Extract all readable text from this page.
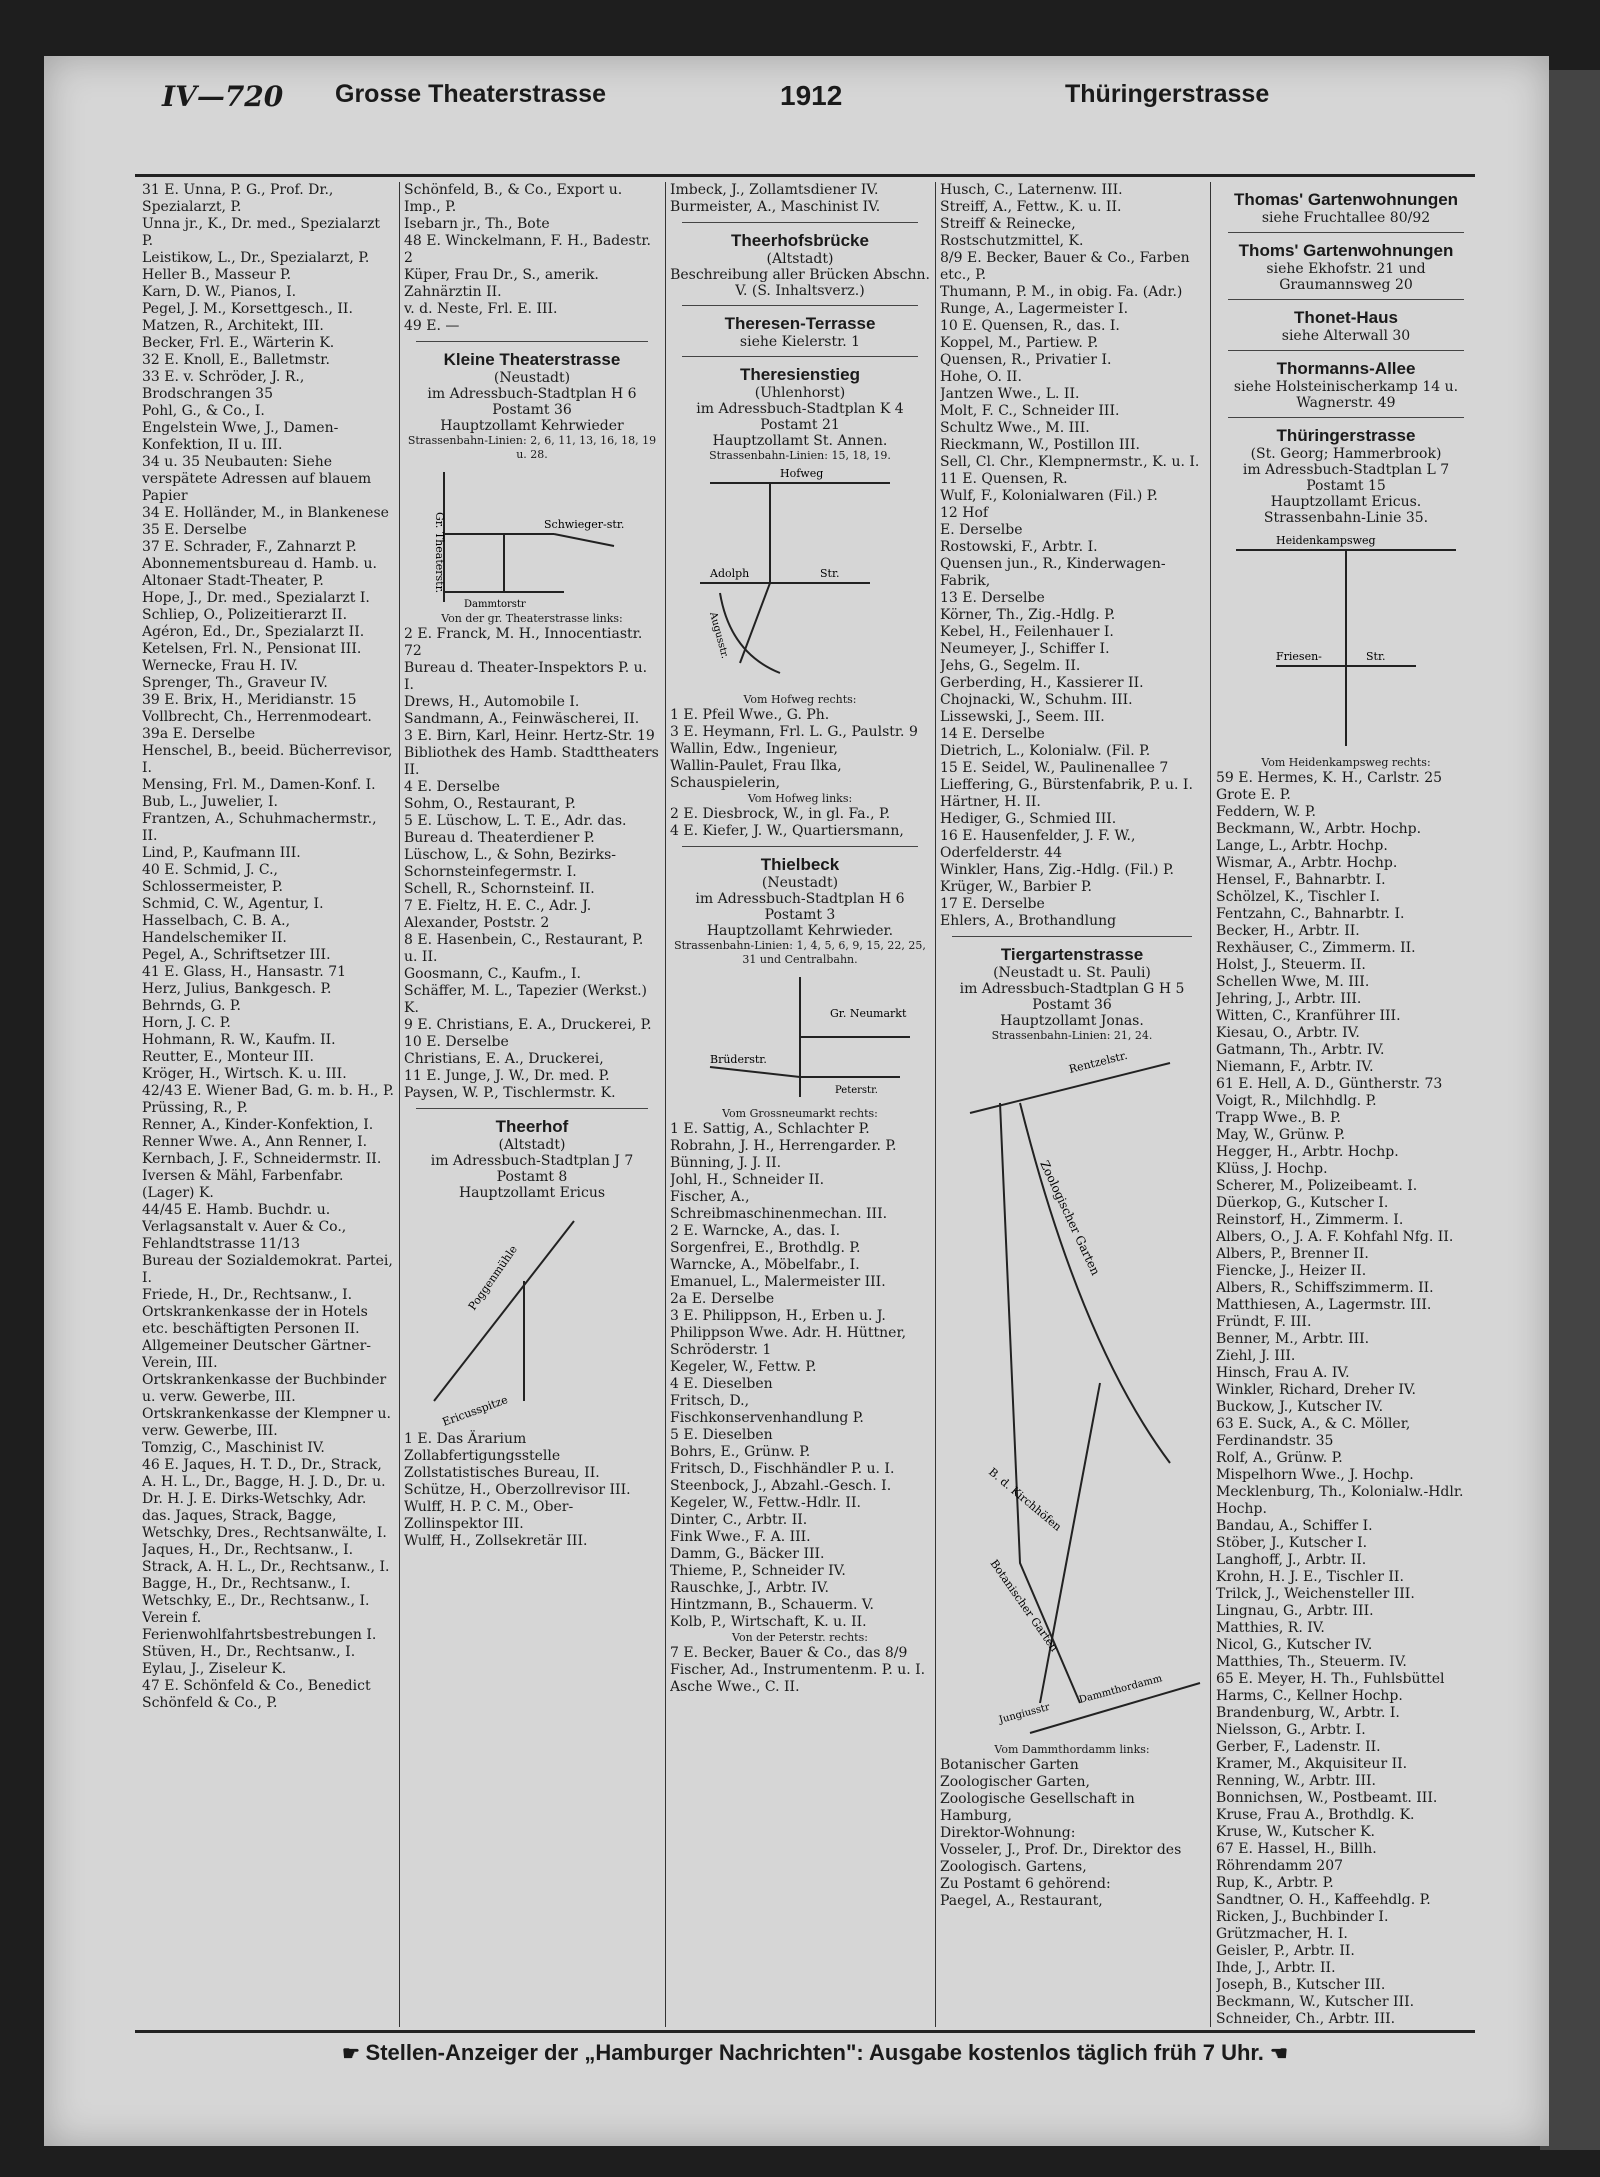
IV—720 Grosse Theaterstrasse	1912	Thüringerstrasse

31 E. Unna, P. G., Prof. Dr., Spezialarzt, P.

Unna jr., K., Dr. med., Spezialarzt P.

Leistikow, L., Dr., Spezialarzt, P.

Heller B., Masseur P.

Karn, D. W., Pianos, I.

Pegel, J. M., Korsettgesch., II.

Matzen, R., Architekt, III.

Becker, Frl. E., Wärterin K.

32 E. Knoll, E., Balletmstr.

33 E. v. Schröder, J. R., Brodschrangen 35

Pohl, G., & Co., I.

Engelstein Wwe, J., Damen-Konfektion, II u. III.

34 u. 35 Neubauten: Siehe verspätete Adressen auf blauem Papier

34 E. Holländer, M., in Blankenese

35 E. Derselbe

37 E. Schrader, F., Zahnarzt P.

Abonnementsbureau d. Hamb. u. Altonaer Stadt-Theater, P.

Hope, J., Dr. med., Spezialarzt I.

Schliep, O., Polizeitierarzt II.

Agéron, Ed., Dr., Spezialarzt II.

Ketelsen, Frl. N., Pensionat III.

Wernecke, Frau H. IV.

Sprenger, Th., Graveur IV.

39 E. Brix, H., Meridianstr. 15

Vollbrecht, Ch., Herrenmodeart.

39a E. Derselbe

Henschel, B., beeid. Bücherrevisor, I.

Mensing, Frl. M., Damen-Konf. I.

Bub, L., Juwelier, I.

Frantzen, A., Schuhmachermstr., II.

Lind, P., Kaufmann III.

40 E. Schmid, J. C., Schlossermeister, P.

Schmid, C. W., Agentur, I.

Hasselbach, C. B. A., Handelschemiker II.

Pegel, A., Schriftsetzer III.

41 E. Glass, H., Hansastr. 71

Herz, Julius, Bankgesch. P.

Behrnds, G. P.

Horn, J. C. P.

Hohmann, R. W., Kaufm. II.

Reutter, E., Monteur III.

Kröger, H., Wirtsch. K. u. III.

42/43 E. Wiener Bad, G. m. b. H., P.

Prüssing, R., P.

Renner, A., Kinder-Konfektion, I.

Renner Wwe. A., Ann Renner, I.

Kernbach, J. F., Schneidermstr. II.

Iversen & Mähl, Farbenfabr. (Lager) K.

44/45 E. Hamb. Buchdr. u. Verlagsanstalt v. Auer & Co., Fehlandtstrasse 11/13

Bureau der Sozialdemokrat. Partei, I.

Friede, H., Dr., Rechtsanw., I.

Ortskrankenkasse der in Hotels etc. beschäftigten Personen II.

Allgemeiner Deutscher Gärtner-Verein, III.

Ortskrankenkasse der Buchbinder u. verw. Gewerbe, III.

Ortskrankenkasse der Klempner u. verw. Gewerbe, III.

Tomzig, C., Maschinist IV.

46 E. Jaques, H. T. D., Dr., Strack, A. H. L., Dr., Bagge, H. J. D., Dr. u. Dr. H. J. E. Dirks-Wetschky, Adr. das. Jaques, Strack, Bagge, Wetschky, Dres., Rechtsanwälte, I.

Jaques, H., Dr., Rechtsanw., I.

Strack, A. H. L., Dr., Rechtsanw., I.

Bagge, H., Dr., Rechtsanw., I.

Wetschky, E., Dr., Rechtsanw., I.

Verein f. Ferienwohlfahrtsbestrebungen I.

Stüven, H., Dr., Rechtsanw., I.

Eylau, J., Ziseleur K.

47 E. Schönfeld & Co., Benedict Schönfeld & Co., P.

Schönfeld, B., & Co., Export u. Imp., P.

Isebarn jr., Th., Bote

48 E. Winckelmann, F. H., Badestr. 2

Küper, Frau Dr., S., amerik. Zahnärztin II.

v. d. Neste, Frl. E. III.

49 E. —

Kleine Theaterstrasse
(Neustadt)
im Adressbuch-Stadtplan H 6
Postamt 36
Hauptzollamt Kehrwieder
Strassenbahn-Linien: 2, 6, 11, 13, 16, 18, 19 u. 28.
Gr. Theaterstr.	Schwieger-str.
Dammtorstr
Von der gr. Theaterstrasse links:

2 E. Franck, M. H., Innocentiastr. 72

Bureau d. Theater-Inspektors P. u. I.

Drews, H., Automobile I.

Sandmann, A., Feinwäscherei, II.

3 E. Birn, Karl, Heinr. Hertz-Str. 19

Bibliothek des Hamb. Stadttheaters II.

4 E. Derselbe

Sohm, O., Restaurant, P.

5 E. Lüschow, L. T. E., Adr. das. Bureau d. Theaterdiener P.

Lüschow, L., & Sohn, Bezirks-Schornsteinfegermstr. I.

Schell, R., Schornsteinf. II.

7 E. Fieltz, H. E. C., Adr. J. Alexander, Poststr. 2

8 E. Hasenbein, C., Restaurant, P. u. II.

Goosmann, C., Kaufm., I.

Schäffer, M. L., Tapezier (Werkst.) K.

9 E. Christians, E. A., Druckerei, P.

10 E. Derselbe

Christians, E. A., Druckerei,

11 E. Junge, J. W., Dr. med. P.

Paysen, W. P., Tischlermstr. K.

Theerhof
(Altstadt)
im Adressbuch-Stadtplan J 7
Postamt 8
Hauptzollamt Ericus
Poggenmühle
Ericusspitze

1 E. Das Ärarium

Zollabfertigungsstelle

Zollstatistisches Bureau, II.

Schütze, H., Oberzollrevisor III.

Wulff, H. P. C. M., Ober-Zollinspektor III.

Wulff, H., Zollsekretär III.

Imbeck, J., Zollamtsdiener IV.

Burmeister, A., Maschinist IV.

Theerhofsbrücke
(Altstadt)
Beschreibung aller Brücken Abschn. V. (S. Inhaltsverz.)
Theresen-Terrasse
siehe Kielerstr. 1
Theresienstieg
(Uhlenhorst)
im Adressbuch-Stadtplan K 4
Postamt 21
Hauptzollamt St. Annen.
Strassenbahn-Linien: 15, 18, 19.
Hofweg
Adolph	Str.
Augusstr.
Vom Hofweg rechts:

1 E. Pfeil Wwe., G. Ph.

3 E. Heymann, Frl. L. G., Paulstr. 9

Wallin, Edw., Ingenieur,

Wallin-Paulet, Frau Ilka, Schauspielerin,

Vom Hofweg links:

2 E. Diesbrock, W., in gl. Fa., P.

4 E. Kiefer, J. W., Quartiersmann,

Thielbeck
(Neustadt)
im Adressbuch-Stadtplan H 6
Postamt 3
Hauptzollamt Kehrwieder.
Strassenbahn-Linien: 1, 4, 5, 6, 9, 15, 22, 25, 31 und Centralbahn.
Gr. Neumarkt
Brüderstr.
Peterstr.
Vom Grossneumarkt rechts:

1 E. Sattig, A., Schlachter P.

Robrahn, J. H., Herrengarder. P.

Bünning, J. J. II.

Johl, H., Schneider II.

Fischer, A., Schreibmaschinenmechan. III.

2 E. Warncke, A., das. I.

Sorgenfrei, E., Brothdlg. P.

Warncke, A., Möbelfabr., I.

Emanuel, L., Malermeister III.

2a E. Derselbe

3 E. Philippson, H., Erben u. J. Philippson Wwe. Adr. H. Hüttner, Schröderstr. 1

Kegeler, W., Fettw. P.

4 E. Dieselben

Fritsch, D., Fischkonservenhandlung P.

5 E. Dieselben

Bohrs, E., Grünw. P.

Fritsch, D., Fischhändler P. u. I.

Steenbock, J., Abzahl.-Gesch. I.

Kegeler, W., Fettw.-Hdlr. II.

Dinter, C., Arbtr. II.

Fink Wwe., F. A. III.

Damm, G., Bäcker III.

Thieme, P., Schneider IV.

Rauschke, J., Arbtr. IV.

Hintzmann, B., Schauerm. V.

Kolb, P., Wirtschaft, K. u. II.

Von der Peterstr. rechts:

7 E. Becker, Bauer & Co., das 8/9

Fischer, Ad., Instrumentenm. P. u. I.

Asche Wwe., C. II.

Husch, C., Laternenw. III.

Streiff, A., Fettw., K. u. II.

Streiff & Reinecke, Rostschutzmittel, K.

8/9 E. Becker, Bauer & Co., Farben etc., P.

Thumann, P. M., in obig. Fa. (Adr.)

Runge, A., Lagermeister I.

10 E. Quensen, R., das. I.

Koppel, M., Partiew. P.

Quensen, R., Privatier I.

Hohe, O. II.

Jantzen Wwe., L. II.

Molt, F. C., Schneider III.

Schultz Wwe., M. III.

Rieckmann, W., Postillon III.

Sell, Cl. Chr., Klempnermstr., K. u. I.

11 E. Quensen, R.

Wulf, F., Kolonialwaren (Fil.) P.

12 Hof

E. Derselbe

Rostowski, F., Arbtr. I.

Quensen jun., R., Kinderwagen-Fabrik,

13 E. Derselbe

Körner, Th., Zig.-Hdlg. P.

Kebel, H., Feilenhauer I.

Neumeyer, J., Schiffer I.

Jehs, G., Segelm. II.

Gerberding, H., Kassierer II.

Chojnacki, W., Schuhm. III.

Lissewski, J., Seem. III.

14 E. Derselbe

Dietrich, L., Kolonialw. (Fil. P.

15 E. Seidel, W., Paulinenallee 7

Lieffering, G., Bürstenfabrik, P. u. I.

Härtner, H. II.

Hediger, G., Schmied III.

16 E. Hausenfelder, J. F. W., Oderfelderstr. 44

Winkler, Hans, Zig.-Hdlg. (Fil.) P.

Krüger, W., Barbier P.

17 E. Derselbe

Ehlers, A., Brothandlung

Tiergartenstrasse
(Neustadt u. St. Pauli)
im Adressbuch-Stadtplan G H 5
Postamt 36
Hauptzollamt Jonas.
Strassenbahn-Linien: 21, 24.
Rentzelstr.
Zoologischer Garten
B. d. Kirchhöfen
Botanischer Garten
Jungiusstr
Dammthordamm
Vom Dammthordamm links:

Botanischer Garten

Zoologischer Garten,

Zoologische Gesellschaft in Hamburg,

Direktor-Wohnung:

Vosseler, J., Prof. Dr., Direktor des Zoologisch. Gartens,

Zu Postamt 6 gehörend:

Paegel, A., Restaurant,

Thomas' Gartenwohnungen
siehe Fruchtallee 80/92
Thoms' Gartenwohnungen
siehe Ekhofstr. 21 und Graumannsweg 20
Thonet-Haus
siehe Alterwall 30
Thormanns-Allee
siehe Holsteinischerkamp 14 u. Wagnerstr. 49
Thüringerstrasse
(St. Georg; Hammerbrook)
im Adressbuch-Stadtplan L 7
Postamt 15
Hauptzollamt Ericus.
Strassenbahn-Linie 35.
Heidenkampsweg
Friesen-	Str.
Vom Heidenkampsweg rechts:

59 E. Hermes, K. H., Carlstr. 25

Grote E. P.

Feddern, W. P.

Beckmann, W., Arbtr. Hochp.

Lange, L., Arbtr. Hochp.

Wismar, A., Arbtr. Hochp.

Hensel, F., Bahnarbtr. I.

Schölzel, K., Tischler I.

Fentzahn, C., Bahnarbtr. I.

Becker, H., Arbtr. II.

Rexhäuser, C., Zimmerm. II.

Holst, J., Steuerm. II.

Schellen Wwe, M. III.

Jehring, J., Arbtr. III.

Witten, C., Kranführer III.

Kiesau, O., Arbtr. IV.

Gatmann, Th., Arbtr. IV.

Niemann, F., Arbtr. IV.

61 E. Hell, A. D., Güntherstr. 73

Voigt, R., Milchhdlg. P.

Trapp Wwe., B. P.

May, W., Grünw. P.

Hegger, H., Arbtr. Hochp.

Klüss, J. Hochp.

Scherer, M., Polizeibeamt. I.

Düerkop, G., Kutscher I.

Reinstorf, H., Zimmerm. I.

Albers, O., J. A. F. Kohfahl Nfg. II.

Albers, P., Brenner II.

Fiencke, J., Heizer II.

Albers, R., Schiffszimmerm. II.

Matthiesen, A., Lagermstr. III.

Fründt, F. III.

Benner, M., Arbtr. III.

Ziehl, J. III.

Hinsch, Frau A. IV.

Winkler, Richard, Dreher IV.

Buckow, J., Kutscher IV.

63 E. Suck, A., & C. Möller, Ferdinandstr. 35

Rolf, A., Grünw. P.

Mispelhorn Wwe., J. Hochp.

Mecklenburg, Th., Kolonialw.-Hdlr. Hochp.

Bandau, A., Schiffer I.

Stöber, J., Kutscher I.

Langhoff, J., Arbtr. II.

Krohn, H. J. E., Tischler II.

Trilck, J., Weichensteller III.

Lingnau, G., Arbtr. III.

Matthies, R. IV.

Nicol, G., Kutscher IV.

Matthies, Th., Steuerm. IV.

65 E. Meyer, H. Th., Fuhlsbüttel

Harms, C., Kellner Hochp.

Brandenburg, W., Arbtr. I.

Nielsson, G., Arbtr. I.

Gerber, F., Ladenstr. II.

Kramer, M., Akquisiteur II.

Renning, W., Arbtr. III.

Bonnichsen, W., Postbeamt. III.

Kruse, Frau A., Brothdlg. K.

Kruse, W., Kutscher K.

67 E. Hassel, H., Billh. Röhrendamm 207

Rup, K., Arbtr. P.

Sandtner, O. H., Kaffeehdlg. P.

Ricken, J., Buchbinder I.

Grützmacher, H. I.

Geisler, P., Arbtr. II.

Ihde, J., Arbtr. II.

Joseph, B., Kutscher III.

Beckmann, W., Kutscher III.

Schneider, Ch., Arbtr. III.

☛ Stellen-Anzeiger der „Hamburger Nachrichten": Ausgabe kostenlos täglich früh 7 Uhr. ☚
